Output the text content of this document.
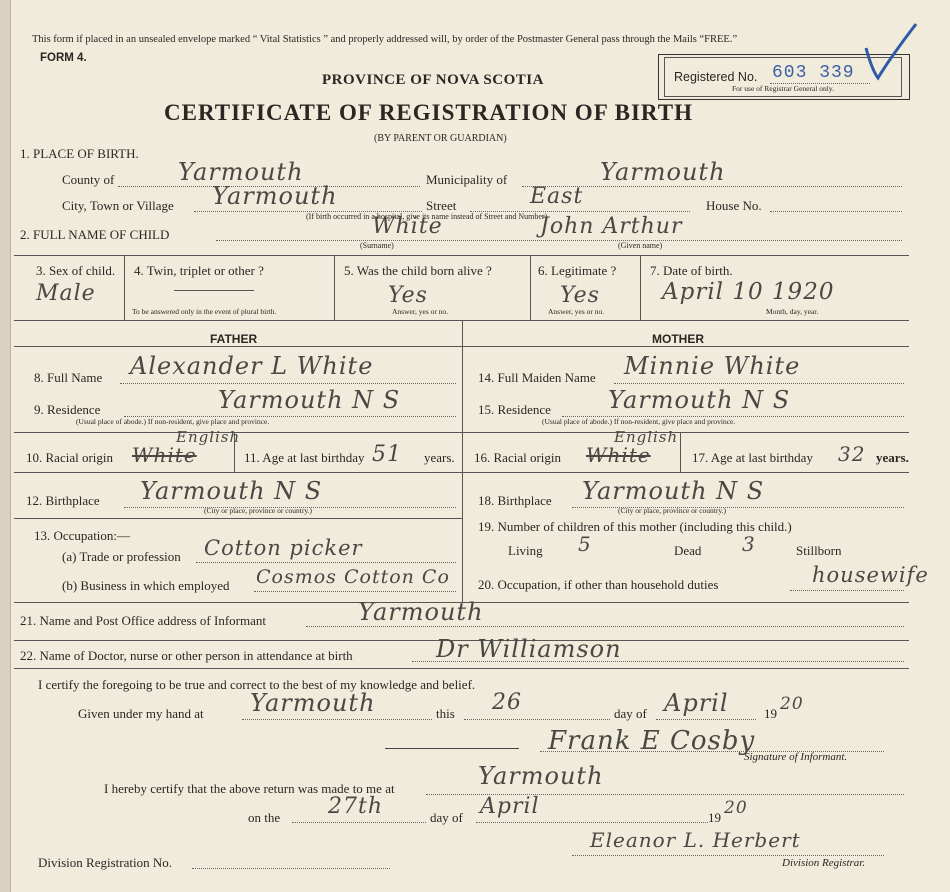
This form if placed in an unsealed envelope marked “ Vital Statistics ” and properly addressed will, by order of the Postmaster General pass through the Mails “FREE.”
FORM 4.
PROVINCE OF NOVA SCOTIA
CERTIFICATE OF REGISTRATION OF BIRTH
(BY PARENT OR GUARDIAN)
Registered No. 603 339
For use of Registrar General only.
1. PLACE OF BIRTH.
County of	Yarmouth	Municipality of	Yarmouth
City, Town or Village Yarmouth	Street	East	House No.
(If birth occurred in a hospital, give its name instead of Street and Number)
2. FULL NAME OF CHILD	White
(Surname)
John Arthur
(Given name)
3. Sex of child.
Male
4. Twin, triplet or other ?
To be answered only in the event of plural birth.
5. Was the child born alive ?
Yes
Answer, yes or no.
6. Legitimate ?
Yes
Answer, yes or no.
7. Date of birth.
April 10 1920
Month, day, year.
FATHER	MOTHER
8. Full Name Alexander L White
9. Residence	Yarmouth N S
(Usual place of abode.) If non-resident, give place and province.
10. Racial origin White
English
11. Age at last birthday 51 years.
12. Birthplace Yarmouth N S
(City or place, province or country.)
13. Occupation:—
(a) Trade or profession Cotton picker
(b) Business in which employed Cosmos Cotton Co
14. Full Maiden Name Minnie White
15. Residence Yarmouth N S
(Usual place of abode.) If non-resident, give place and province.
16. Racial origin White
English
17. Age at last birthday 32 years.
18. Birthplace Yarmouth N S
(City or place, province or country.)
19. Number of children of this mother (including this child.)
Living 5	Dead 3	Stillborn
20. Occupation, if other than household duties	housewife
21. Name and Post Office address of Informant	Yarmouth
22. Name of Doctor, nurse or other person in attendance at birth	Dr Williamson
I certify the foregoing to be true and correct to the best of my knowledge and belief.
Given under my hand at Yarmouth	this 26	day of April	19 20
Frank E Cosby
Signature of Informant.
I hereby certify that the above return was made to me at	Yarmouth
on the 27th	day of April	19 20
Division Registration No.
Eleanor L. Herbert
Division Registrar.
